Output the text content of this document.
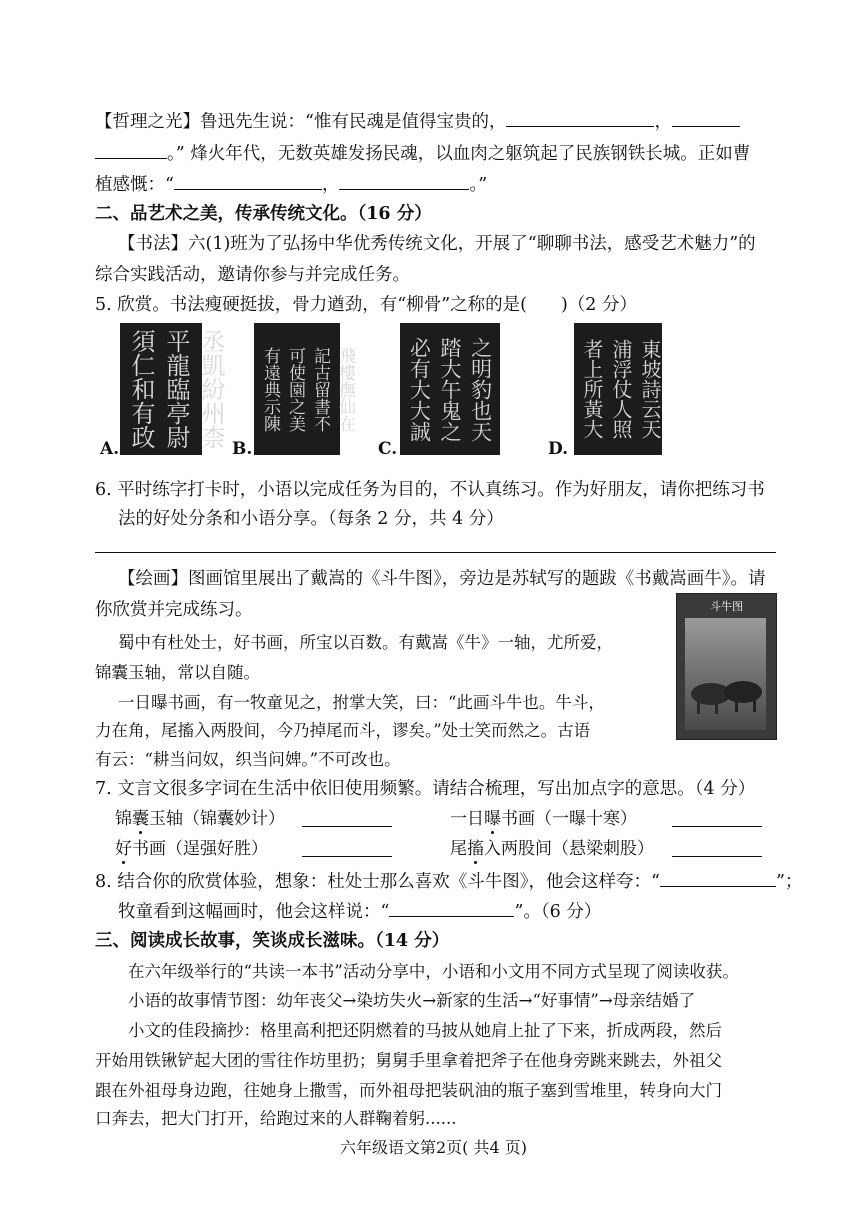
【哲理之光】鲁迅先生说：“惟有民魂是值得宝贵的，	，
。” 烽火年代，无数英雄发扬民魂，以血肉之躯筑起了民族钢铁长城。正如曹
植感慨：“	，	。”
二、品艺术之美，传承传统文化。（16 分）
【书法】六(1)班为了弘扬中华优秀传统文化，开展了“聊聊书法，感受艺术魅力”的
综合实践活动，邀请你参与并完成任务。
5. 欣赏。书法瘦硬挺拔，骨力遒劲，有“柳骨”之称的是( )（2 分）
丞凱紛州柰
平龍臨亭尉
須仁和有政
A.
飛樓撫仙在
記古留書不
可使園之美
有遠典示陳
B.
之明豹也天
踏大午鬼之
必有大大誠
C.
東坡詩云天
浦浮仗人照
者上所黃大
D.
6. 平时练字打卡时，小语以完成任务为目的，不认真练习。作为好朋友，请你把练习书
法的好处分条和小语分享。（每条 2 分，共 4 分）
【绘画】图画馆里展出了戴嵩的《斗牛图》，旁边是苏轼写的题跋《书戴嵩画牛》。请
你欣赏并完成练习。	斗牛图
蜀中有杜处士，好书画，所宝以百数。有戴嵩《牛》一轴，尤所爱，
锦囊玉轴，常以自随。
一日曝书画，有一牧童见之，拊掌大笑，曰：“此画斗牛也。牛斗，
力在角，尾搐入两股间，今乃掉尾而斗，谬矣。”处士笑而然之。古语
有云：“耕当问奴，织当问婢。”不可改也。
7. 文言文很多字词在生活中依旧使用频繁。请结合梳理，写出加点字的意思。（4 分）
锦囊玉轴（锦囊妙计）	一日曝书画（一曝十寒）
好书画（逞强好胜）	尾搐入两股间（悬梁刺股）
8. 结合你的欣赏体验，想象：杜处士那么喜欢《斗牛图》，他会这样夸：“	”；
牧童看到这幅画时，他会这样说：“	”。（6 分）
三、阅读成长故事，笑谈成长滋味。（14 分）
在六年级举行的“共读一本书”活动分享中，小语和小文用不同方式呈现了阅读收获。
小语的故事情节图：幼年丧父→染坊失火→新家的生活→“好事情”→母亲结婚了
小文的佳段摘抄：格里高利把还阴燃着的马披从她肩上扯了下来，折成两段，然后
开始用铁锹铲起大团的雪往作坊里扔；舅舅手里拿着把斧子在他身旁跳来跳去，外祖父
跟在外祖母身边跑，往她身上撒雪，而外祖母把装矾油的瓶子塞到雪堆里，转身向大门
口奔去，把大门打开，给跑过来的人群鞠着躬......
六年级语文第2页( 共4 页)
